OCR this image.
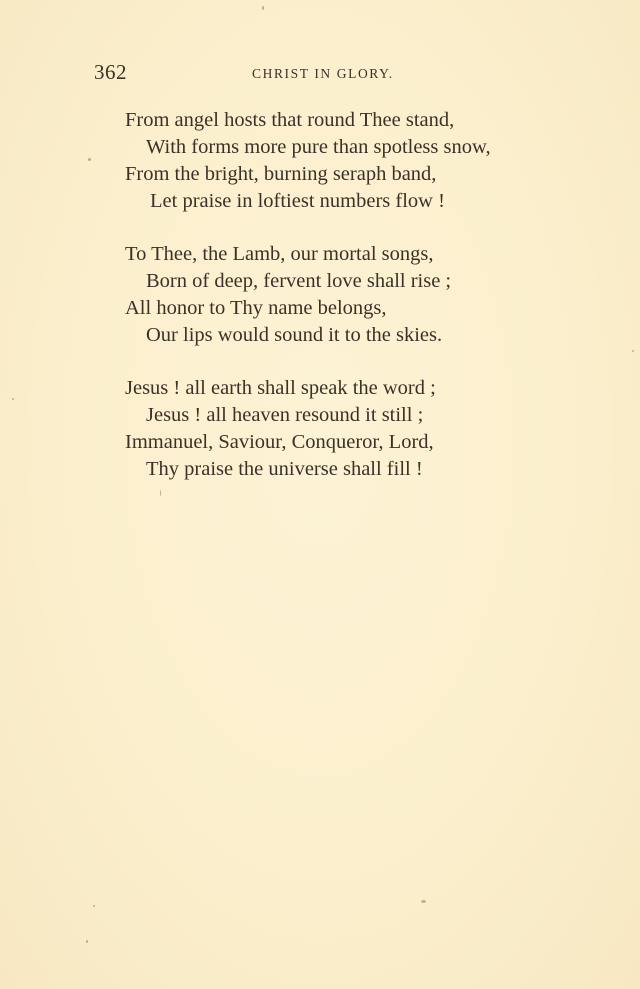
362	CHRIST IN GLORY.
From angel hosts that round Thee stand,
With forms more pure than spotless snow,
From the bright, burning seraph band,
Let praise in loftiest numbers flow !
To Thee, the Lamb, our mortal songs,
Born of deep, fervent love shall rise ;
All honor to Thy name belongs,
Our lips would sound it to the skies.
Jesus ! all earth shall speak the word ;
Jesus ! all heaven resound it still ;
Immanuel, Saviour, Conqueror, Lord,
Thy praise the universe shall fill !
